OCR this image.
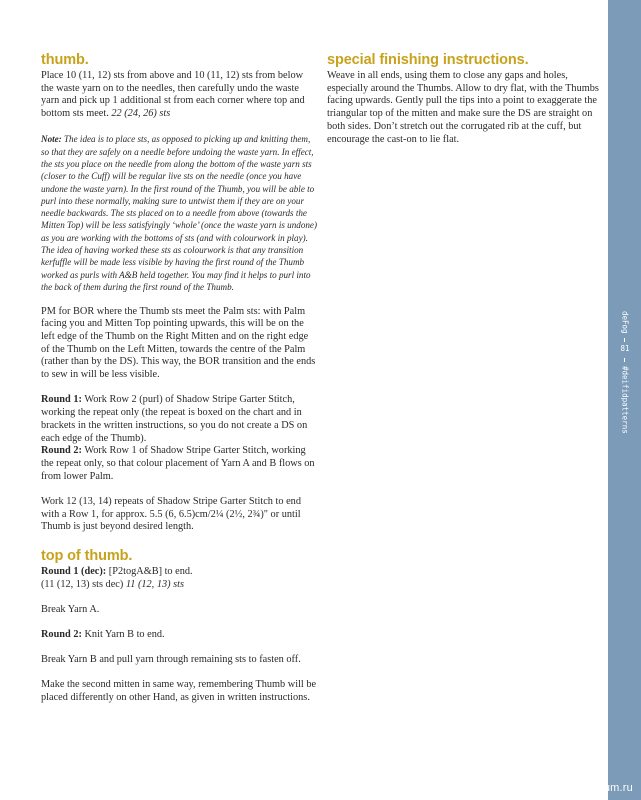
thumb.

Place 10 (11, 12) sts from above and 10 (11, 12) sts from below the waste yarn on to the needles, then carefully undo the waste yarn and pick up 1 additional st from each corner where top and bottom sts meet. 22 (24, 26) sts

Note: The idea is to place sts, as opposed to picking up and knitting them, so that they are safely on a needle before undoing the waste yarn. In effect, the sts you place on the needle from along the bottom of the waste yarn sts (closer to the Cuff) will be regular live sts on the needle (once you have undone the waste yarn). In the first round of the Thumb, you will be able to purl into these normally, making sure to untwist them if they are on your needle backwards. The sts placed on to a needle from above (towards the Mitten Top) will be less satisfyingly ‘whole’ (once the waste yarn is undone) as you are working with the bottoms of sts (and with colourwork in play). The idea of having worked these sts as colourwork is that any transition kerfuffle will be made less visible by having the first round of the Thumb worked as purls with A&B held together. You may find it helps to purl into the back of them during the first round of the Thumb.

PM for BOR where the Thumb sts meet the Palm sts: with Palm facing you and Mitten Top pointing upwards, this will be on the left edge of the Thumb on the Right Mitten and on the right edge of the Thumb on the Left Mitten, towards the centre of the Palm (rather than by the DS). This way, the BOR transition and the ends to sew in will be less visible.

Round 1: Work Row 2 (purl) of Shadow Stripe Garter Stitch, working the repeat only (the repeat is boxed on the chart and in brackets in the written instructions, so you do not create a DS on each edge of the Thumb).

Round 2: Work Row 1 of Shadow Stripe Garter Stitch, working the repeat only, so that colour placement of Yarn A and B flows on from lower Palm.

Work 12 (13, 14) repeats of Shadow Stripe Garter Stitch to end with a Row 1, for approx. 5.5 (6, 6.5)cm/2¼ (2½, 2¾)" or until Thumb is just beyond desired length.

top of thumb.

Round 1 (dec): [P2togA&B] to end.

(11 (12, 13) sts dec) 11 (12, 13) sts

Break Yarn A.

Round 2: Knit Yarn B to end.

Break Yarn B and pull yarn through remaining sts to fasten off.

Make the second mitten in same way, remembering Thumb will be placed differently on other Hand, as given in written instructions.

special finishing instructions.

Weave in all ends, using them to close any gaps and holes, especially around the Thumbs. Allow to dry flat, with the Thumbs facing upwards. Gently pull the tips into a point to exaggerate the triangular top of the mitten and make sure the DS are straight on both sides. Don’t stretch out the corrugated rib at the cuff, but encourage the cast-on to lie flat.

deFog
81
#deifidpatterns
PassionForum.ru
